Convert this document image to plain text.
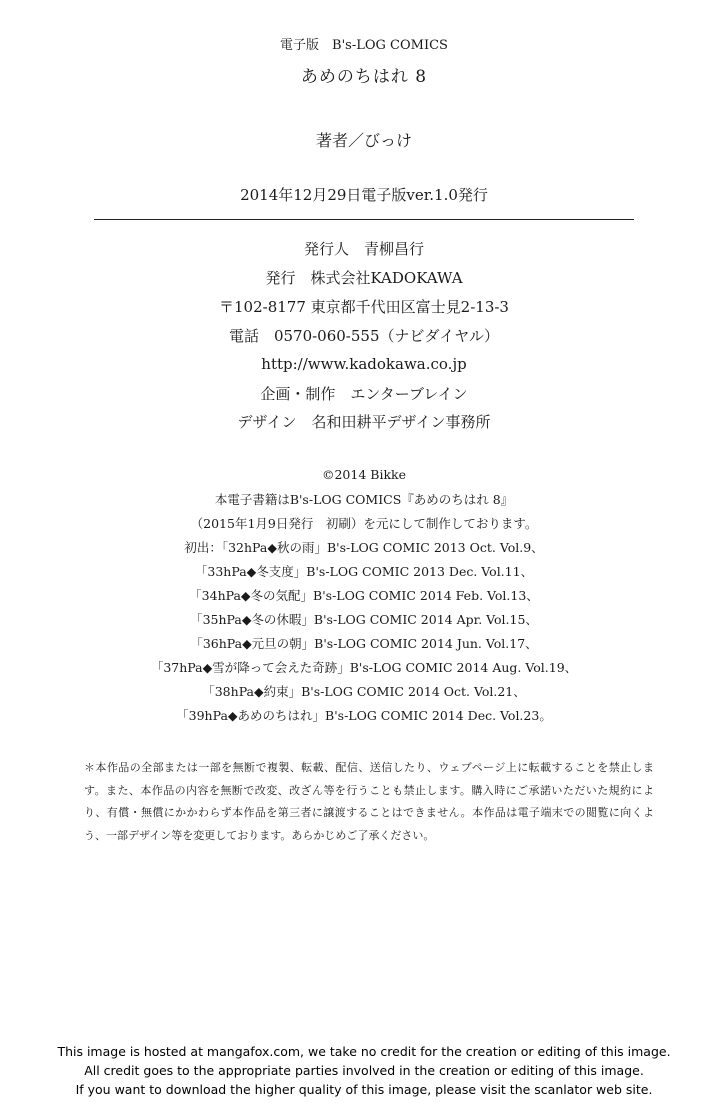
電子版　B's-LOG COMICS
あめのちはれ 8
著者／びっけ
2014年12月29日電子版ver.1.0発行
発行人　青柳昌行
発行　株式会社KADOKAWA
〒102-8177 東京都千代田区富士見2-13-3
電話　0570-060-555（ナビダイヤル）
http://www.kadokawa.co.jp
企画・制作　エンターブレイン
デザイン　名和田耕平デザイン事務所
©2014 Bikke
本電子書籍はB's-LOG COMICS『あめのちはれ 8』
（2015年1月9日発行　初刷）を元にして制作しております。
初出：「32hPa◆秋の雨」B's-LOG COMIC 2013 Oct. Vol.9、
「33hPa◆冬支度」B's-LOG COMIC 2013 Dec. Vol.11、
「34hPa◆冬の気配」B's-LOG COMIC 2014 Feb. Vol.13、
「35hPa◆冬の休暇」B's-LOG COMIC 2014 Apr. Vol.15、
「36hPa◆元旦の朝」B's-LOG COMIC 2014 Jun. Vol.17、
「37hPa◆雪が降って会えた奇跡」B's-LOG COMIC 2014 Aug. Vol.19、
「38hPa◆約束」B's-LOG COMIC 2014 Oct. Vol.21、
「39hPa◆あめのちはれ」B's-LOG COMIC 2014 Dec. Vol.23。
＊本作品の全部または一部を無断で複製、転載、配信、送信したり、ウェブページ上に転載することを禁止します。また、本作品の内容を無断で改変、改ざん等を行うことも禁止します。購入時にご承諾いただいた規約により、有償・無償にかかわらず本作品を第三者に譲渡することはできません。本作品は電子端末での閲覧に向くよう、一部デザイン等を変更しております。あらかじめご了承ください。
This image is hosted at mangafox.com, we take no credit for the creation or editing of this image.
All credit goes to the appropriate parties involved in the creation or editing of this image.
If you want to download the higher quality of this image, please visit the scanlator web site.
